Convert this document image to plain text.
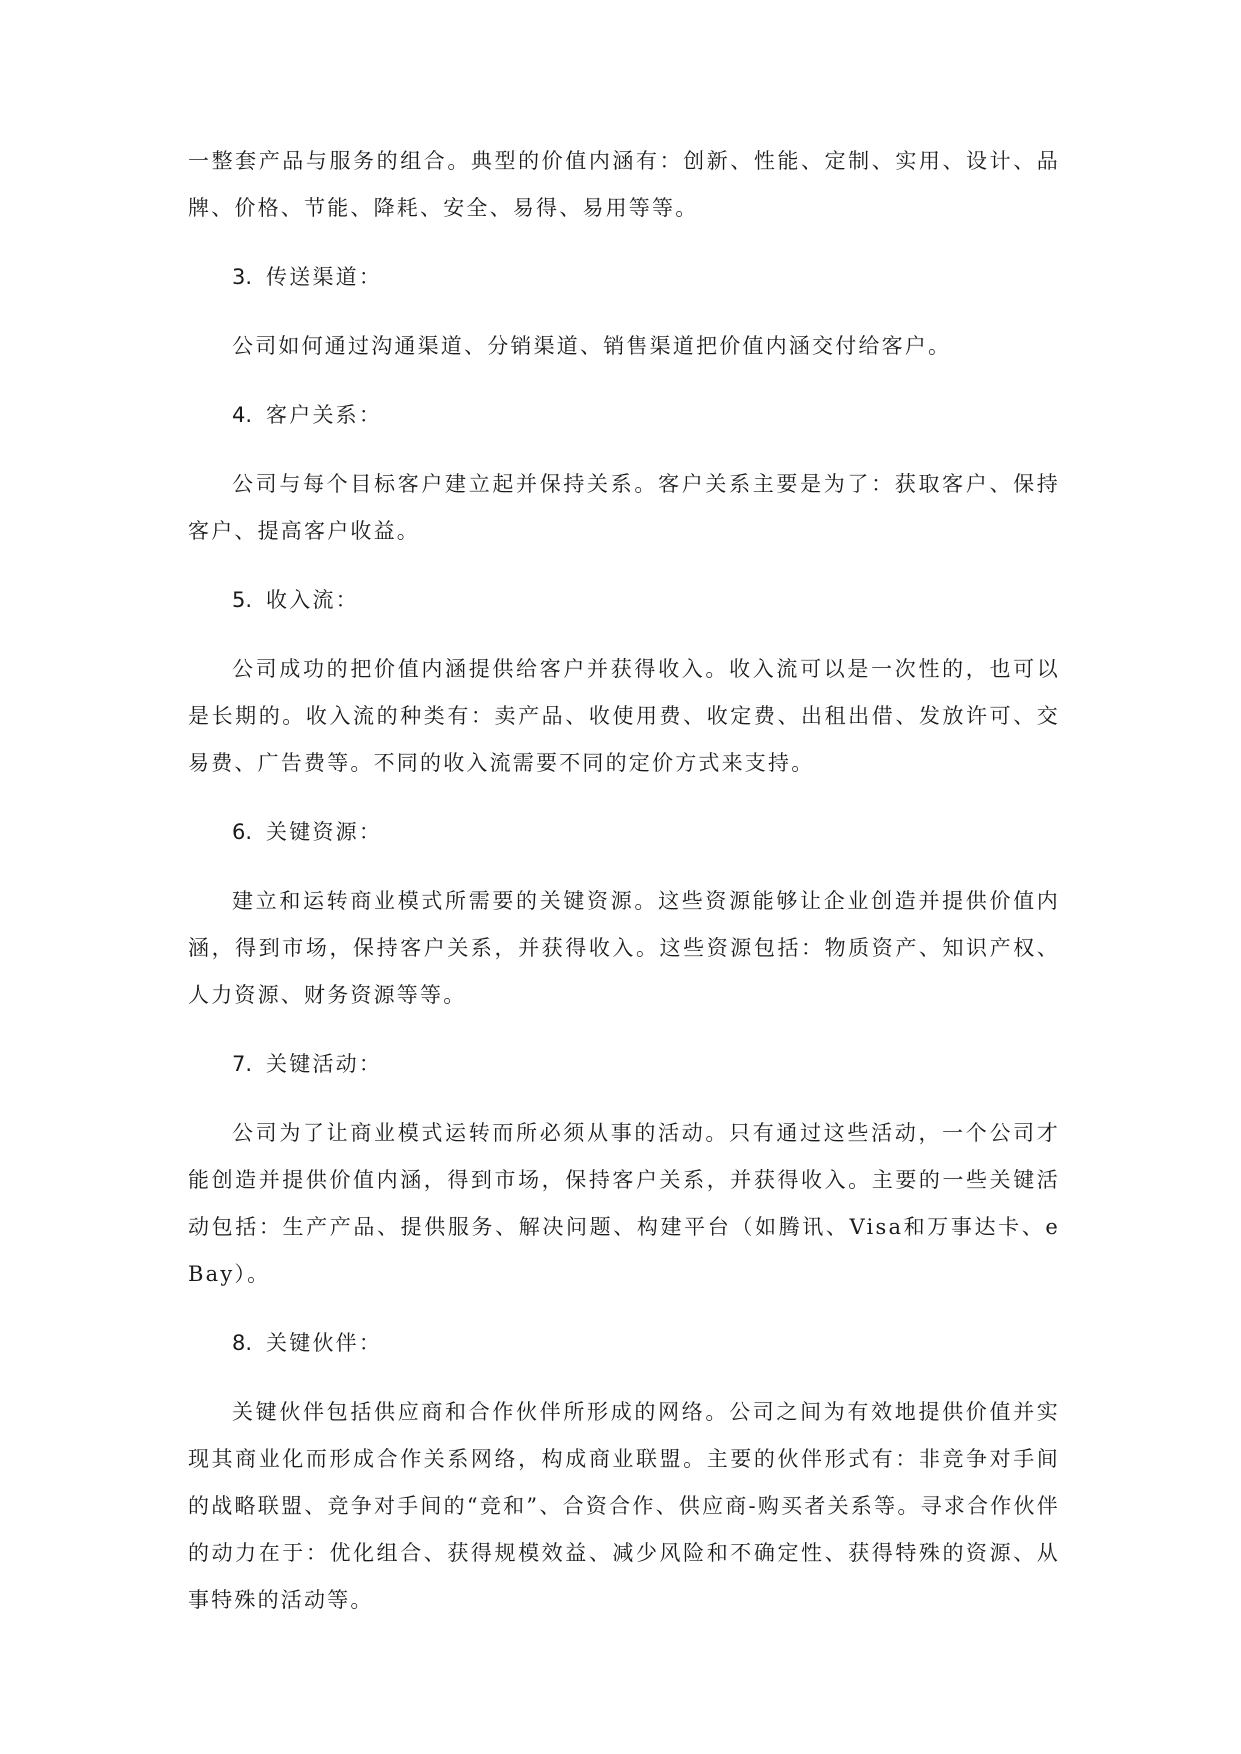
一整套产品与服务的组合。典型的价值内涵有：创新、性能、定制、实用、设计、品牌、价格、节能、降耗、安全、易得、易用等等。

3. 传送渠道：

公司如何通过沟通渠道、分销渠道、销售渠道把价值内涵交付给客户。

4. 客户关系：

公司与每个目标客户建立起并保持关系。客户关系主要是为了：获取客户、保持客户、提高客户收益。

5. 收入流：

公司成功的把价值内涵提供给客户并获得收入。收入流可以是一次性的，也可以是长期的。收入流的种类有：卖产品、收使用费、收定费、出租出借、发放许可、交易费、广告费等。不同的收入流需要不同的定价方式来支持。

6. 关键资源：

建立和运转商业模式所需要的关键资源。这些资源能够让企业创造并提供价值内涵，得到市场，保持客户关系，并获得收入。这些资源包括：物质资产、知识产权、人力资源、财务资源等等。

7. 关键活动：

公司为了让商业模式运转而所必须从事的活动。只有通过这些活动，一个公司才能创造并提供价值内涵，得到市场，保持客户关系，并获得收入。主要的一些关键活动包括：生产产品、提供服务、解决问题、构建平台（如腾讯、Visa和万事达卡、eBay）。

8. 关键伙伴：

关键伙伴包括供应商和合作伙伴所形成的网络。公司之间为有效地提供价值并实现其商业化而形成合作关系网络，构成商业联盟。主要的伙伴形式有：非竞争对手间的战略联盟、竞争对手间的“竞和”、合资合作、供应商-购买者关系等。寻求合作伙伴的动力在于：优化组合、获得规模效益、减少风险和不确定性、获得特殊的资源、从事特殊的活动等。
